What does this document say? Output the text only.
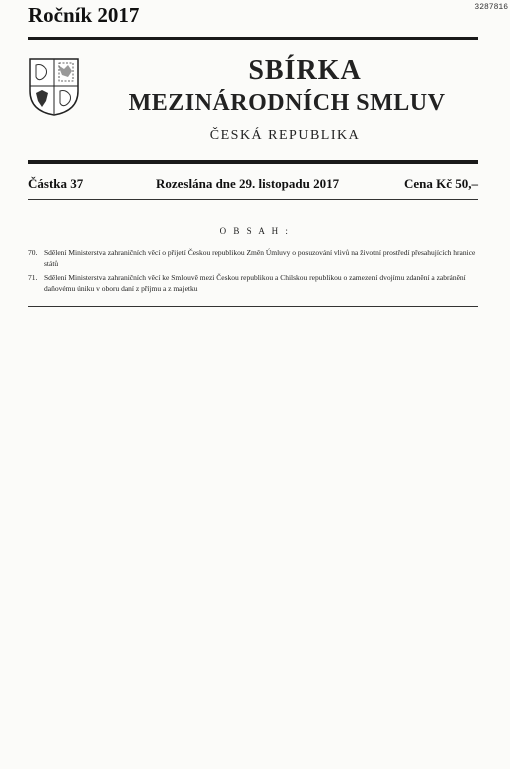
3287816
Ročník 2017
SBÍRKA
MEZINÁRODNÍCH SMLUV
ČESKÁ REPUBLIKA
Částka 37	Rozeslána dne 29. listopadu 2017	Cena Kč 50,–
O B S A H :
70. Sdělení Ministerstva zahraničních věcí o přijetí Českou republikou Změn Úmluvy o posuzování vlivů na životní prostředí přesahujících hranice států
71. Sdělení Ministerstva zahraničních věcí ke Smlouvě mezi Českou republikou a Chilskou republikou o zamezení dvojímu zdanění a zabránění daňovému úniku v oboru daní z příjmu a z majetku
